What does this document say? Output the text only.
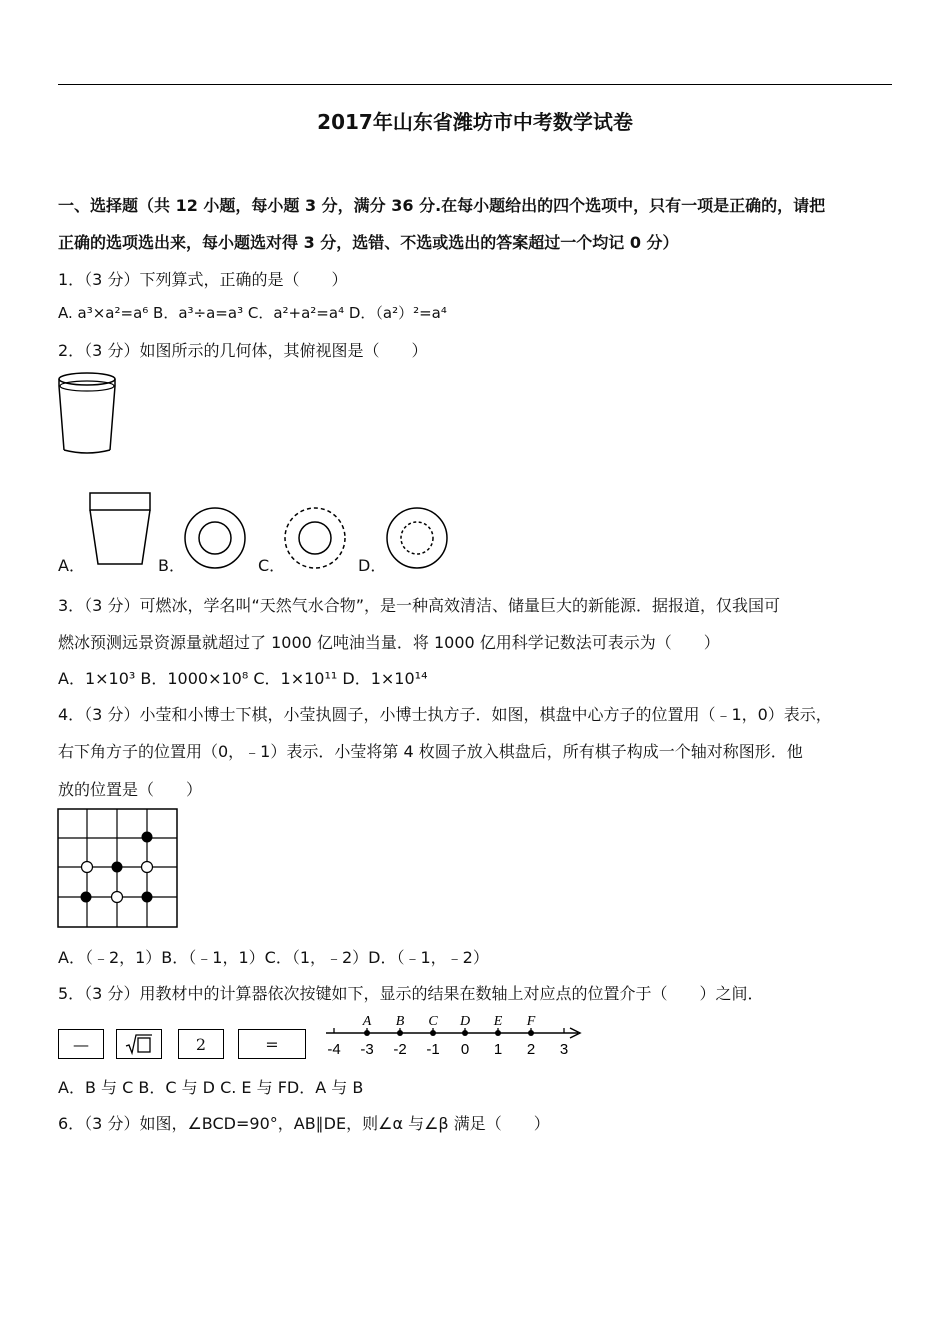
2017年山东省潍坊市中考数学试卷
一、选择题（共 12 小题，每小题 3 分，满分 36 分.在每小题给出的四个选项中，只有一项是正确的，请把
正确的选项选出来，每小题选对得 3 分，选错、不选或选出的答案超过一个均记 0 分）
1．（3 分）下列算式，正确的是（　　）
A. a³×a²=a⁶ B．a³÷a=a³ C．a²+a²=a⁴ D．（a²）²=a⁴
2．（3 分）如图所示的几何体，其俯视图是（　　）
A．	B．	C．	D．
3．（3 分）可燃冰，学名叫“天然气水合物”，是一种高效清洁、储量巨大的新能源．据报道，仅我国可
燃冰预测远景资源量就超过了 1000 亿吨油当量．将 1000 亿用科学记数法可表示为（　　）
A．1×10³ B．1000×10⁸ C．1×10¹¹ D．1×10¹⁴
4．（3 分）小莹和小博士下棋，小莹执圆子，小博士执方子．如图，棋盘中心方子的位置用（﹣1，0）表示，
右下角方子的位置用（0，﹣1）表示．小莹将第 4 枚圆子放入棋盘后，所有棋子构成一个轴对称图形．他
放的位置是（　　）
A．（﹣2，1）B．（﹣1，1）C．（1，﹣2）D．（﹣1，﹣2）
5．（3 分）用教材中的计算器依次按键如下，显示的结果在数轴上对应点的位置介于（　　）之间．
—	2	=
A B C D E F
-4 -3 -2 -1 0 1 2 3
A．B 与 C B．C 与 D C. E 与 FD．A 与 B
6．（3 分）如图，∠BCD=90°，AB∥DE，则∠α 与∠β 满足（　　）
